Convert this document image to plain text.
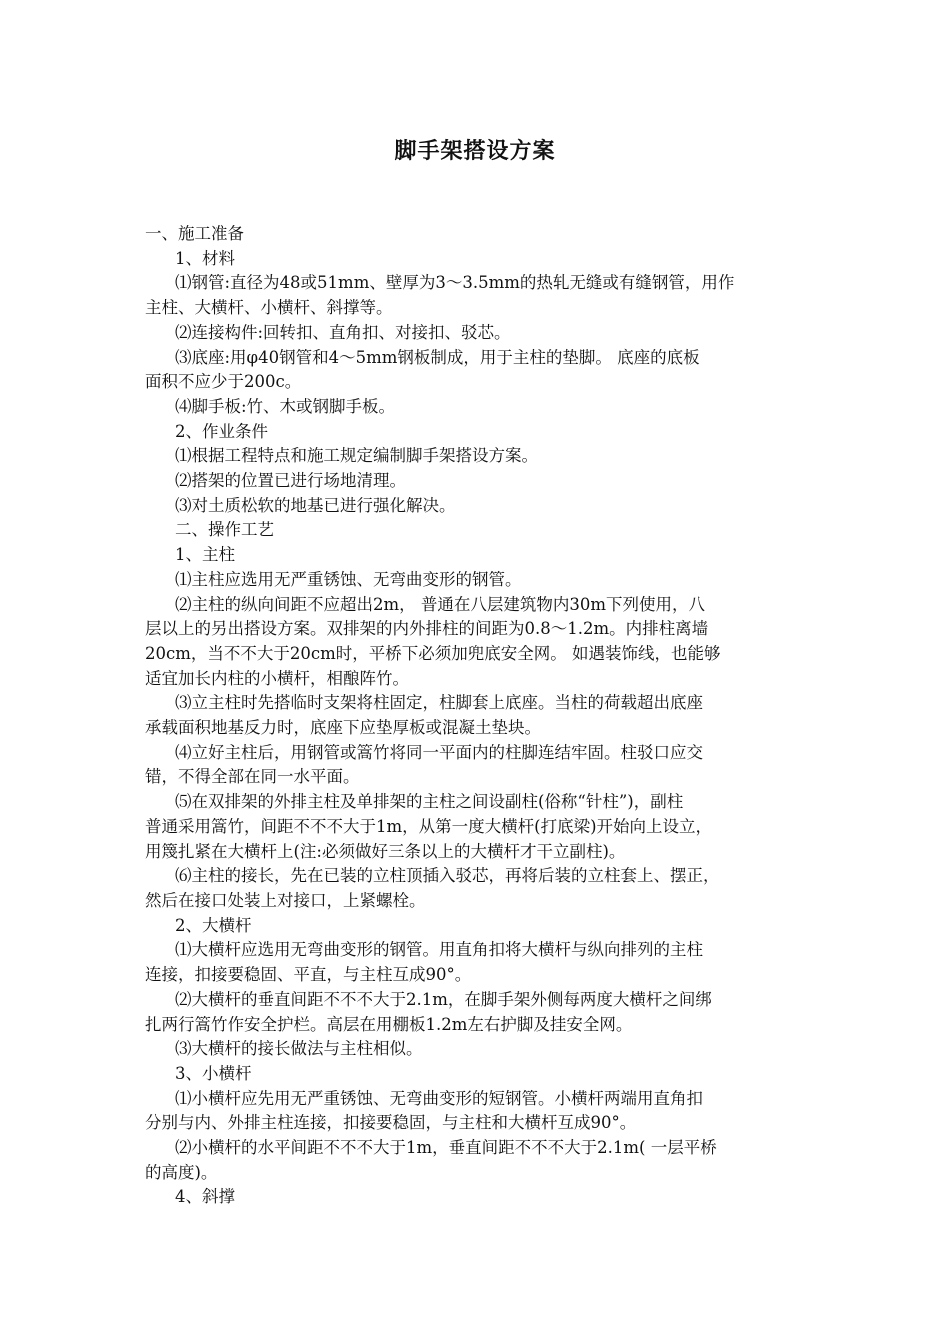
脚手架搭设方案

一、施工准备

1、材料

⑴钢管:直径为48或51mm、壁厚为3～3.5mm的热轧无缝或有缝钢管，用作

主柱、大横杆、小横杆、斜撑等。

⑵连接构件:回转扣、直角扣、对接扣、驳芯。

⑶底座:用φ40钢管和4～5mm钢板制成，用于主柱的垫脚。 底座的底板

面积不应少于200c。

⑷脚手板:竹、木或钢脚手板。

2、作业条件

⑴根据工程特点和施工规定编制脚手架搭设方案。

⑵搭架的位置已进行场地清理。

⑶对土质松软的地基已进行强化解决。

二、操作工艺

1、主柱

⑴主柱应选用无严重锈蚀、无弯曲变形的钢管。

⑵主柱的纵向间距不应超出2m， 普通在八层建筑物内30m下列使用，八

层以上的另出搭设方案。双排架的内外排柱的间距为0.8～1.2m。内排柱离墙

20cm，当不不大于20cm时，平桥下必须加兜底安全网。 如遇装饰线，也能够

适宜加长内柱的小横杆，相酿阵竹。

⑶立主柱时先搭临时支架将柱固定，柱脚套上底座。当柱的荷载超出底座

承载面积地基反力时，底座下应垫厚板或混凝土垫块。

⑷立好主柱后，用钢管或篙竹将同一平面内的柱脚连结牢固。柱驳口应交

错，不得全部在同一水平面。

⑸在双排架的外排主柱及单排架的主柱之间设副柱(俗称“针柱”)，副柱

普通采用篙竹，间距不不不大于1m，从第一度大横杆(打底梁)开始向上设立，

用篾扎紧在大横杆上(注:必须做好三条以上的大横杆才干立副柱)。

⑹主柱的接长，先在已装的立柱顶插入驳芯，再将后装的立柱套上、摆正，

然后在接口处装上对接口，上紧螺栓。

2、大横杆

⑴大横杆应选用无弯曲变形的钢管。用直角扣将大横杆与纵向排列的主柱

连接，扣接要稳固、平直，与主柱互成90°。

⑵大横杆的垂直间距不不不大于2.1m，在脚手架外侧每两度大横杆之间绑

扎两行篙竹作安全护栏。高层在用棚板1.2m左右护脚及挂安全网。

⑶大横杆的接长做法与主柱相似。

3、小横杆

⑴小横杆应先用无严重锈蚀、无弯曲变形的短钢管。小横杆两端用直角扣

分别与内、外排主柱连接，扣接要稳固，与主柱和大横杆互成90°。

⑵小横杆的水平间距不不不大于1m，垂直间距不不不大于2.1m( 一层平桥

的高度)。

4、斜撑
